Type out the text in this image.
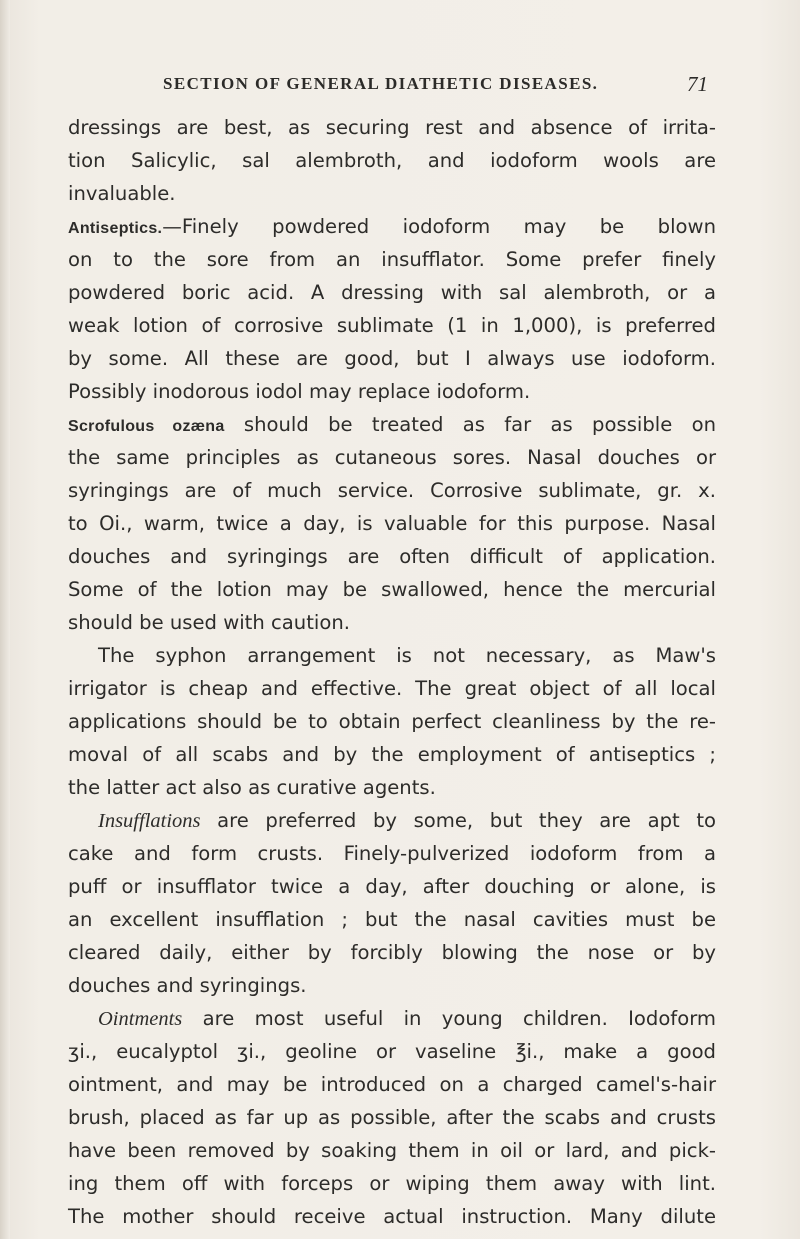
SECTION OF GENERAL DIATHETIC DISEASES.	71
dressings are best, as securing rest and absence of irrita-
tion Salicylic, sal alembroth, and iodoform wools are
invaluable.
Antiseptics.—Finely powdered iodoform may be blown
on to the sore from an insufflator. Some prefer finely
powdered boric acid. A dressing with sal alembroth, or a
weak lotion of corrosive sublimate (1 in 1,000), is preferred
by some. All these are good, but I always use iodoform.
Possibly inodorous iodol may replace iodoform.
Scrofulous ozæna should be treated as far as possible on
the same principles as cutaneous sores. Nasal douches or
syringings are of much service. Corrosive sublimate, gr. x.
to Oi., warm, twice a day, is valuable for this purpose. Nasal
douches and syringings are often difficult of application.
Some of the lotion may be swallowed, hence the mercurial
should be used with caution.
The syphon arrangement is not necessary, as Maw's
irrigator is cheap and effective. The great object of all local
applications should be to obtain perfect cleanliness by the re-
moval of all scabs and by the employment of antiseptics ;
the latter act also as curative agents.
Insufflations are preferred by some, but they are apt to
cake and form crusts. Finely-pulverized iodoform from a
puff or insufflator twice a day, after douching or alone, is
an excellent insufflation ; but the nasal cavities must be
cleared daily, either by forcibly blowing the nose or by
douches and syringings.
Ointments are most useful in young children. Iodoform
ʒi., eucalyptol ʒi., geoline or vaseline ℥i., make a good
ointment, and may be introduced on a charged camel's-hair
brush, placed as far up as possible, after the scabs and crusts
have been removed by soaking them in oil or lard, and pick-
ing them off with forceps or wiping them away with lint.
The mother should receive actual instruction. Many dilute
